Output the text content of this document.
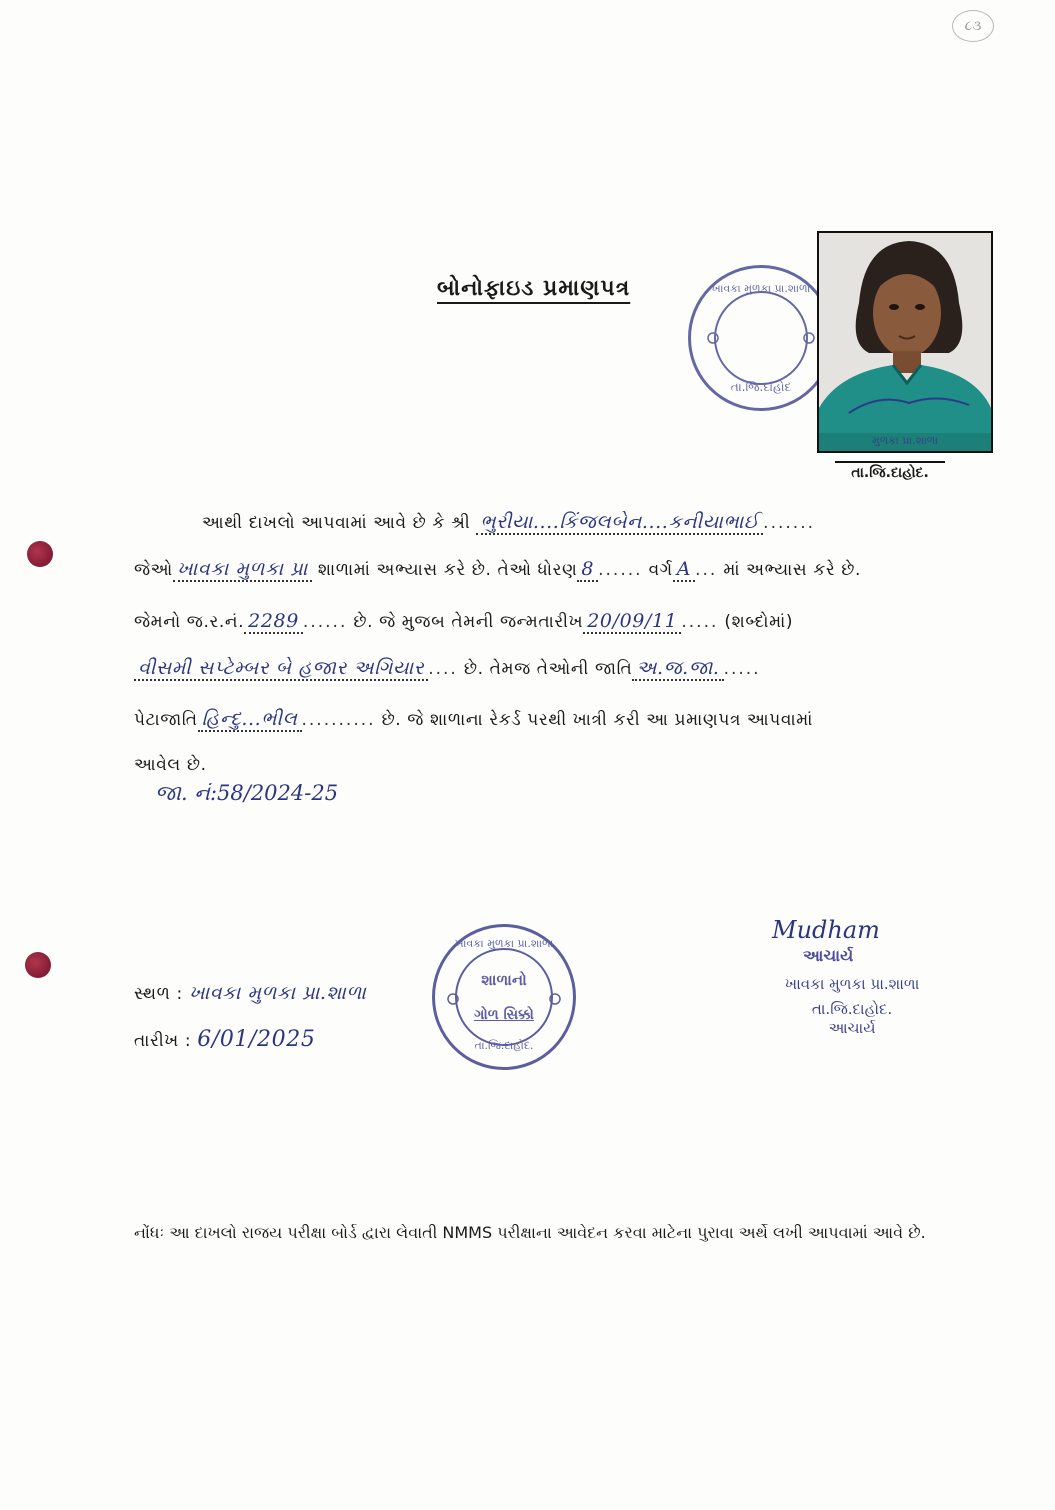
૮૩
બોનોફાઇડ પ્રમાણપત્ર	ખાવકા મુળકા પ્રા.શાળા
તા.જિ.દાહોદ
મુળકા પ્રા.શાળા
તા.જિ.દાહોદ.
આથી દાખલો આપવામાં આવે છે કે શ્રી ભુરીયા....કિંજલબેન....કનીયાભાઈ .......
જેઓ ખાવકા મુળકા પ્રા શાળામાં અભ્યાસ કરે છે. તેઓ ધોરણ 8 ...... વર્ગ A ... માં અભ્યાસ કરે છે.
જેમનો જ.ર.નં. 2289 ...... છે. જે મુજબ તેમની જન્મતારીખ 20/09/11 ..... (શબ્દોમાં)
વીસમી સપ્ટેમ્બર બે હજાર અગિયાર .... છે. તેમજ તેઓની જાતિ અ.જ.જા. .....
પેટાજાતિ હિન્દુ...ભીલ .......... છે. જે શાળાના રેકર્ડ પરથી ખાત્રી કરી આ પ્રમાણપત્ર આપવામાં
આવેલ છે.
જા. નં:58/2024-25
સ્થળ : ખાવકા મુળકા પ્રા.શાળા
તારીખ : 6/01/2025
ખાવકા મુળકા પ્રા.શાળા
શાળાનો
ગોળ સિક્કો
તા.જિ.દાહોદ.
Mudham
આચાર્ય
ખાવકા મુળકા પ્રા.શાળા
તા.જિ.દાહોદ.
આચાર્ય
નોંધઃ આ દાખલો રાજય પરીક્ષા બોર્ડ દ્વારા લેવાતી NMMS પરીક્ષાના આવેદન કરવા માટેના પુરાવા અર્થે લખી આપવામાં આવે છે.
